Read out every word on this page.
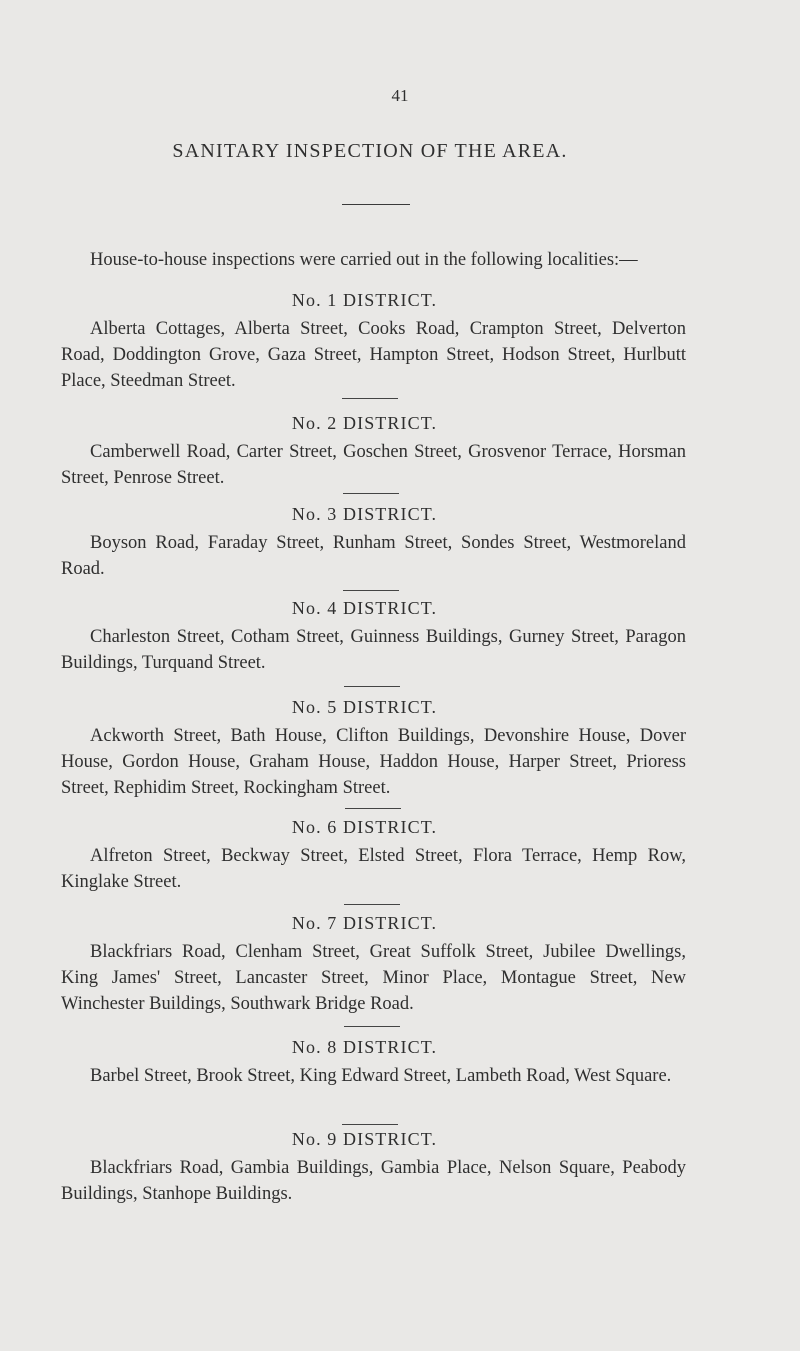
41
SANITARY INSPECTION OF THE AREA.

House-to-house inspections were carried out in the following localities:—

No. 1 DISTRICT.

Alberta Cottages, Alberta Street, Cooks Road, Crampton Street, Delverton Road, Doddington Grove, Gaza Street, Hampton Street, Hodson Street, Hurlbutt Place, Steedman Street.

No. 2 DISTRICT.

Camberwell Road, Carter Street, Goschen Street, Grosvenor Terrace, Horsman Street, Penrose Street.

No. 3 DISTRICT.

Boyson Road, Faraday Street, Runham Street, Sondes Street, Westmoreland Road.

No. 4 DISTRICT.

Charleston Street, Cotham Street, Guinness Buildings, Gurney Street, Paragon Buildings, Turquand Street.

No. 5 DISTRICT.

Ackworth Street, Bath House, Clifton Buildings, Devonshire House, Dover House, Gordon House, Graham House, Haddon House, Harper Street, Prioress Street, Rephidim Street, Rockingham Street.

No. 6 DISTRICT.

Alfreton Street, Beckway Street, Elsted Street, Flora Terrace, Hemp Row, Kinglake Street.

No. 7 DISTRICT.

Blackfriars Road, Clenham Street, Great Suffolk Street, Jubilee Dwellings, King James' Street, Lancaster Street, Minor Place, Montague Street, New Winchester Buildings, Southwark Bridge Road.

No. 8 DISTRICT.

Barbel Street, Brook Street, King Edward Street, Lambeth Road, West Square.

No. 9 DISTRICT.

Blackfriars Road, Gambia Buildings, Gambia Place, Nelson Square, Peabody Buildings, Stanhope Buildings.
